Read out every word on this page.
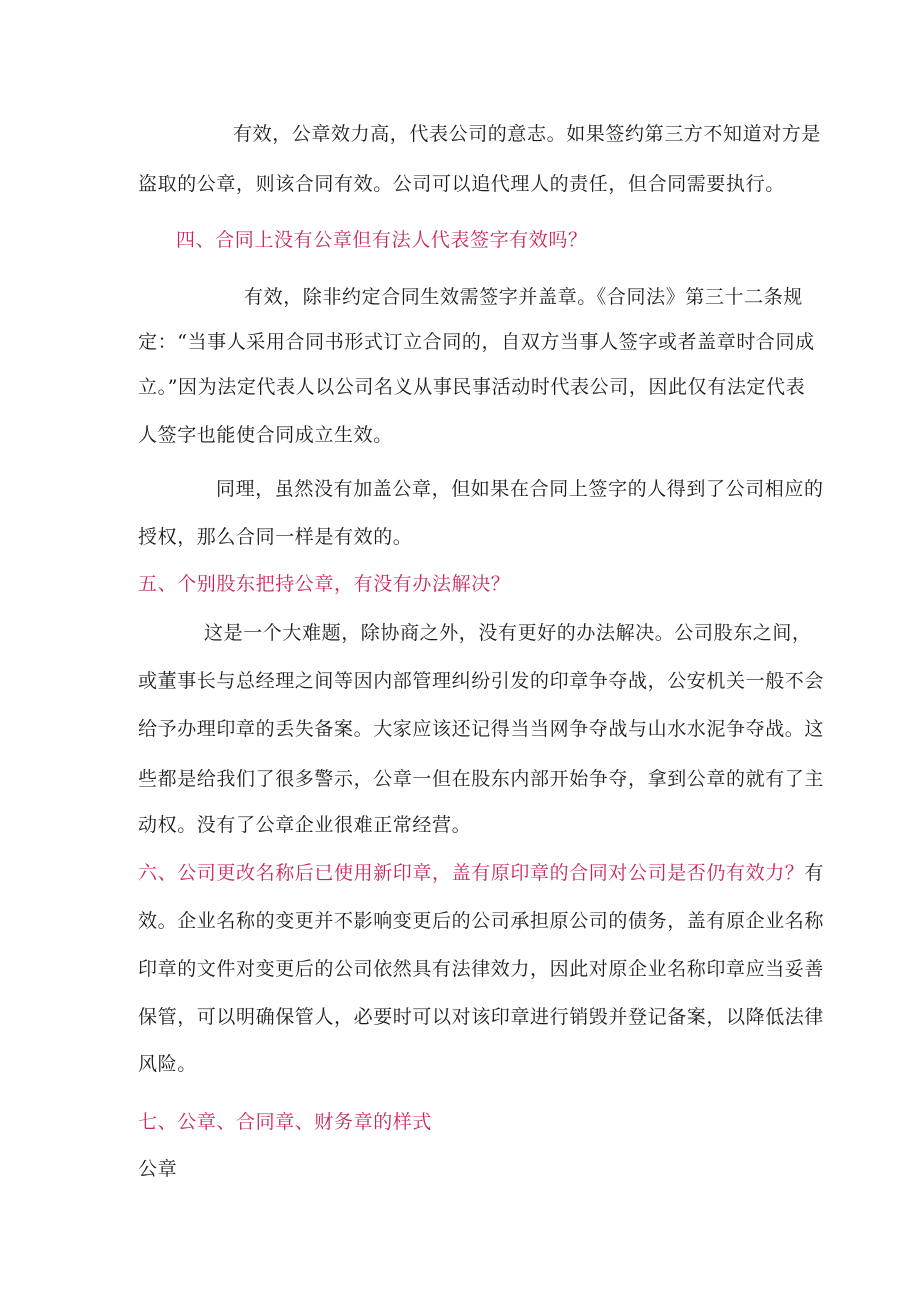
有效，公章效力高，代表公司的意志。如果签约第三方不知道对方是

盗取的公章，则该合同有效。公司可以追代理人的责任，但合同需要执行。

四、合同上没有公章但有法人代表签字有效吗？

有效，除非约定合同生效需签字并盖章。《合同法》第三十二条规

定：“当事人采用合同书形式订立合同的，自双方当事人签字或者盖章时合同成

立。”因为法定代表人以公司名义从事民事活动时代表公司，因此仅有法定代表

人签字也能使合同成立生效。

同理，虽然没有加盖公章，但如果在合同上签字的人得到了公司相应的

授权，那么合同一样是有效的。

五、个别股东把持公章，有没有办法解决？

这是一个大难题，除协商之外，没有更好的办法解决。公司股东之间，

或董事长与总经理之间等因内部管理纠纷引发的印章争夺战，公安机关一般不会

给予办理印章的丢失备案。大家应该还记得当当网争夺战与山水水泥争夺战。这

些都是给我们了很多警示，公章一但在股东内部开始争夺，拿到公章的就有了主

动权。没有了公章企业很难正常经营。

六、公司更改名称后已使用新印章，盖有原印章的合同对公司是否仍有效力？有

效。企业名称的变更并不影响变更后的公司承担原公司的债务，盖有原企业名称

印章的文件对变更后的公司依然具有法律效力，因此对原企业名称印章应当妥善

保管，可以明确保管人，必要时可以对该印章进行销毁并登记备案，以降低法律

风险。

七、公章、合同章、财务章的样式

公章
